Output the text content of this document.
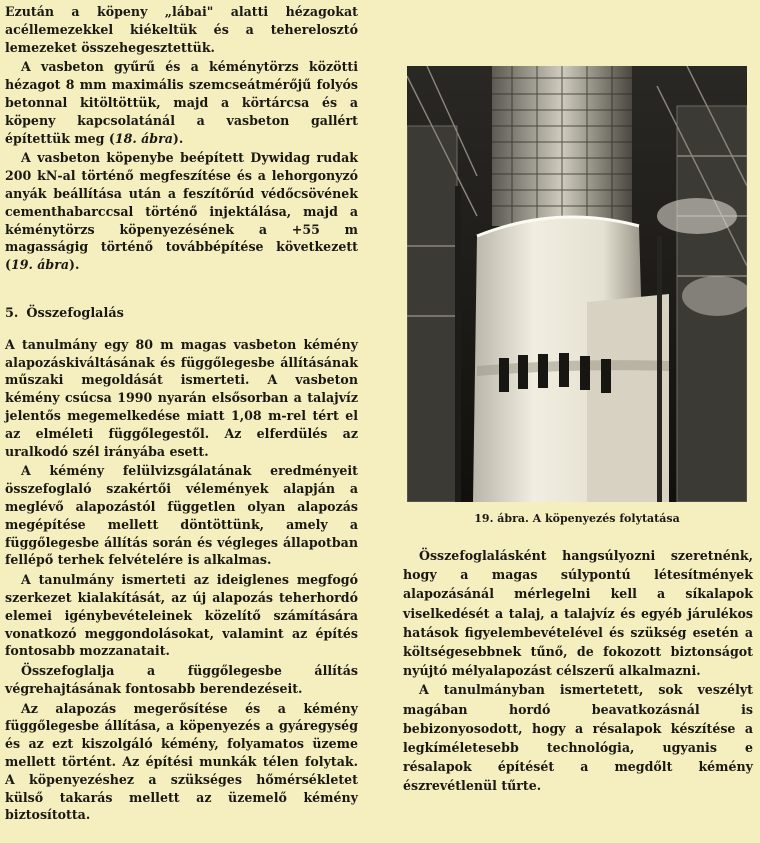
Ezután a köpeny „lábai" alatti hézagokat acéllemezekkel kiékeltük és a teherelosztó lemezeket összehegesztettük.

A vasbeton gyűrű és a kéménytörzs közötti hézagot 8 mm maximális szemcseátmérőjű folyós betonnal kitöltöttük, majd a körtárcsa és a köpeny kapcsolatánál a vasbeton gallért építettük meg (18. ábra).

A vasbeton köpenybe beépített Dywidag rudak 200 kN-al történő megfeszítése és a lehorgonyzó anyák beállítása után a feszítőrúd védőcsövének cementhabarccsal történő injektálása, majd a kéménytörzs köpenyezésének a +55 m magasságig történő továbbépítése következett (19. ábra).

5. Összefoglalás

A tanulmány egy 80 m magas vasbeton kémény alapozáskiváltásának és függőlegesbe állításának műszaki megoldását ismerteti. A vasbeton kémény csúcsa 1990 nyarán elsősorban a talajvíz jelentős megemelkedése miatt 1,08 m-rel tért el az elméleti függőlegestől. Az elferdülés az uralkodó szél irányába esett.

A kémény felülvizsgálatának eredményeit összefoglaló szakértői vélemények alapján a meglévő alapozástól független olyan alapozás megépítése mellett döntöttünk, amely a függőlegesbe állítás során és végleges állapotban fellépő terhek felvételére is alkalmas.

A tanulmány ismerteti az ideiglenes megfogó szerkezet kialakítását, az új alapozás teherhordó elemei igénybevételeinek közelítő számítására vonatkozó meggondolásokat, valamint az építés fontosabb mozzanatait.

Összefoglalja a függőlegesbe állítás végrehajtásának fontosabb berendezéseit.

Az alapozás megerősítése és a kémény függőlegesbe állítása, a köpenyezés a gyáregység és az ezt kiszolgáló kémény, folyamatos üzeme mellett történt. Az építési munkák télen folytak. A köpenyezéshez a szükséges hőmérsékletet külső takarás mellett az üzemelő kémény biztosította.

19. ábra. A köpenyezés folytatása

Összefoglalásként hangsúlyozni szeretnénk, hogy a magas súlypontú létesítmények alapozásánál mérlegelni kell a síkalapok viselkedését a talaj, a talajvíz és egyéb járulékos hatások figyelembevételével és szükség esetén a költségesebbnek tűnő, de fokozott biztonságot nyújtó mélyalapozást célszerű alkalmazni.

A tanulmányban ismertetett, sok veszélyt magában hordó beavatkozásnál is bebizonyosodott, hogy a résalapok készítése a legkíméletesebb technológia, ugyanis e résalapok építését a megdőlt kémény észrevétlenül tűrte.
